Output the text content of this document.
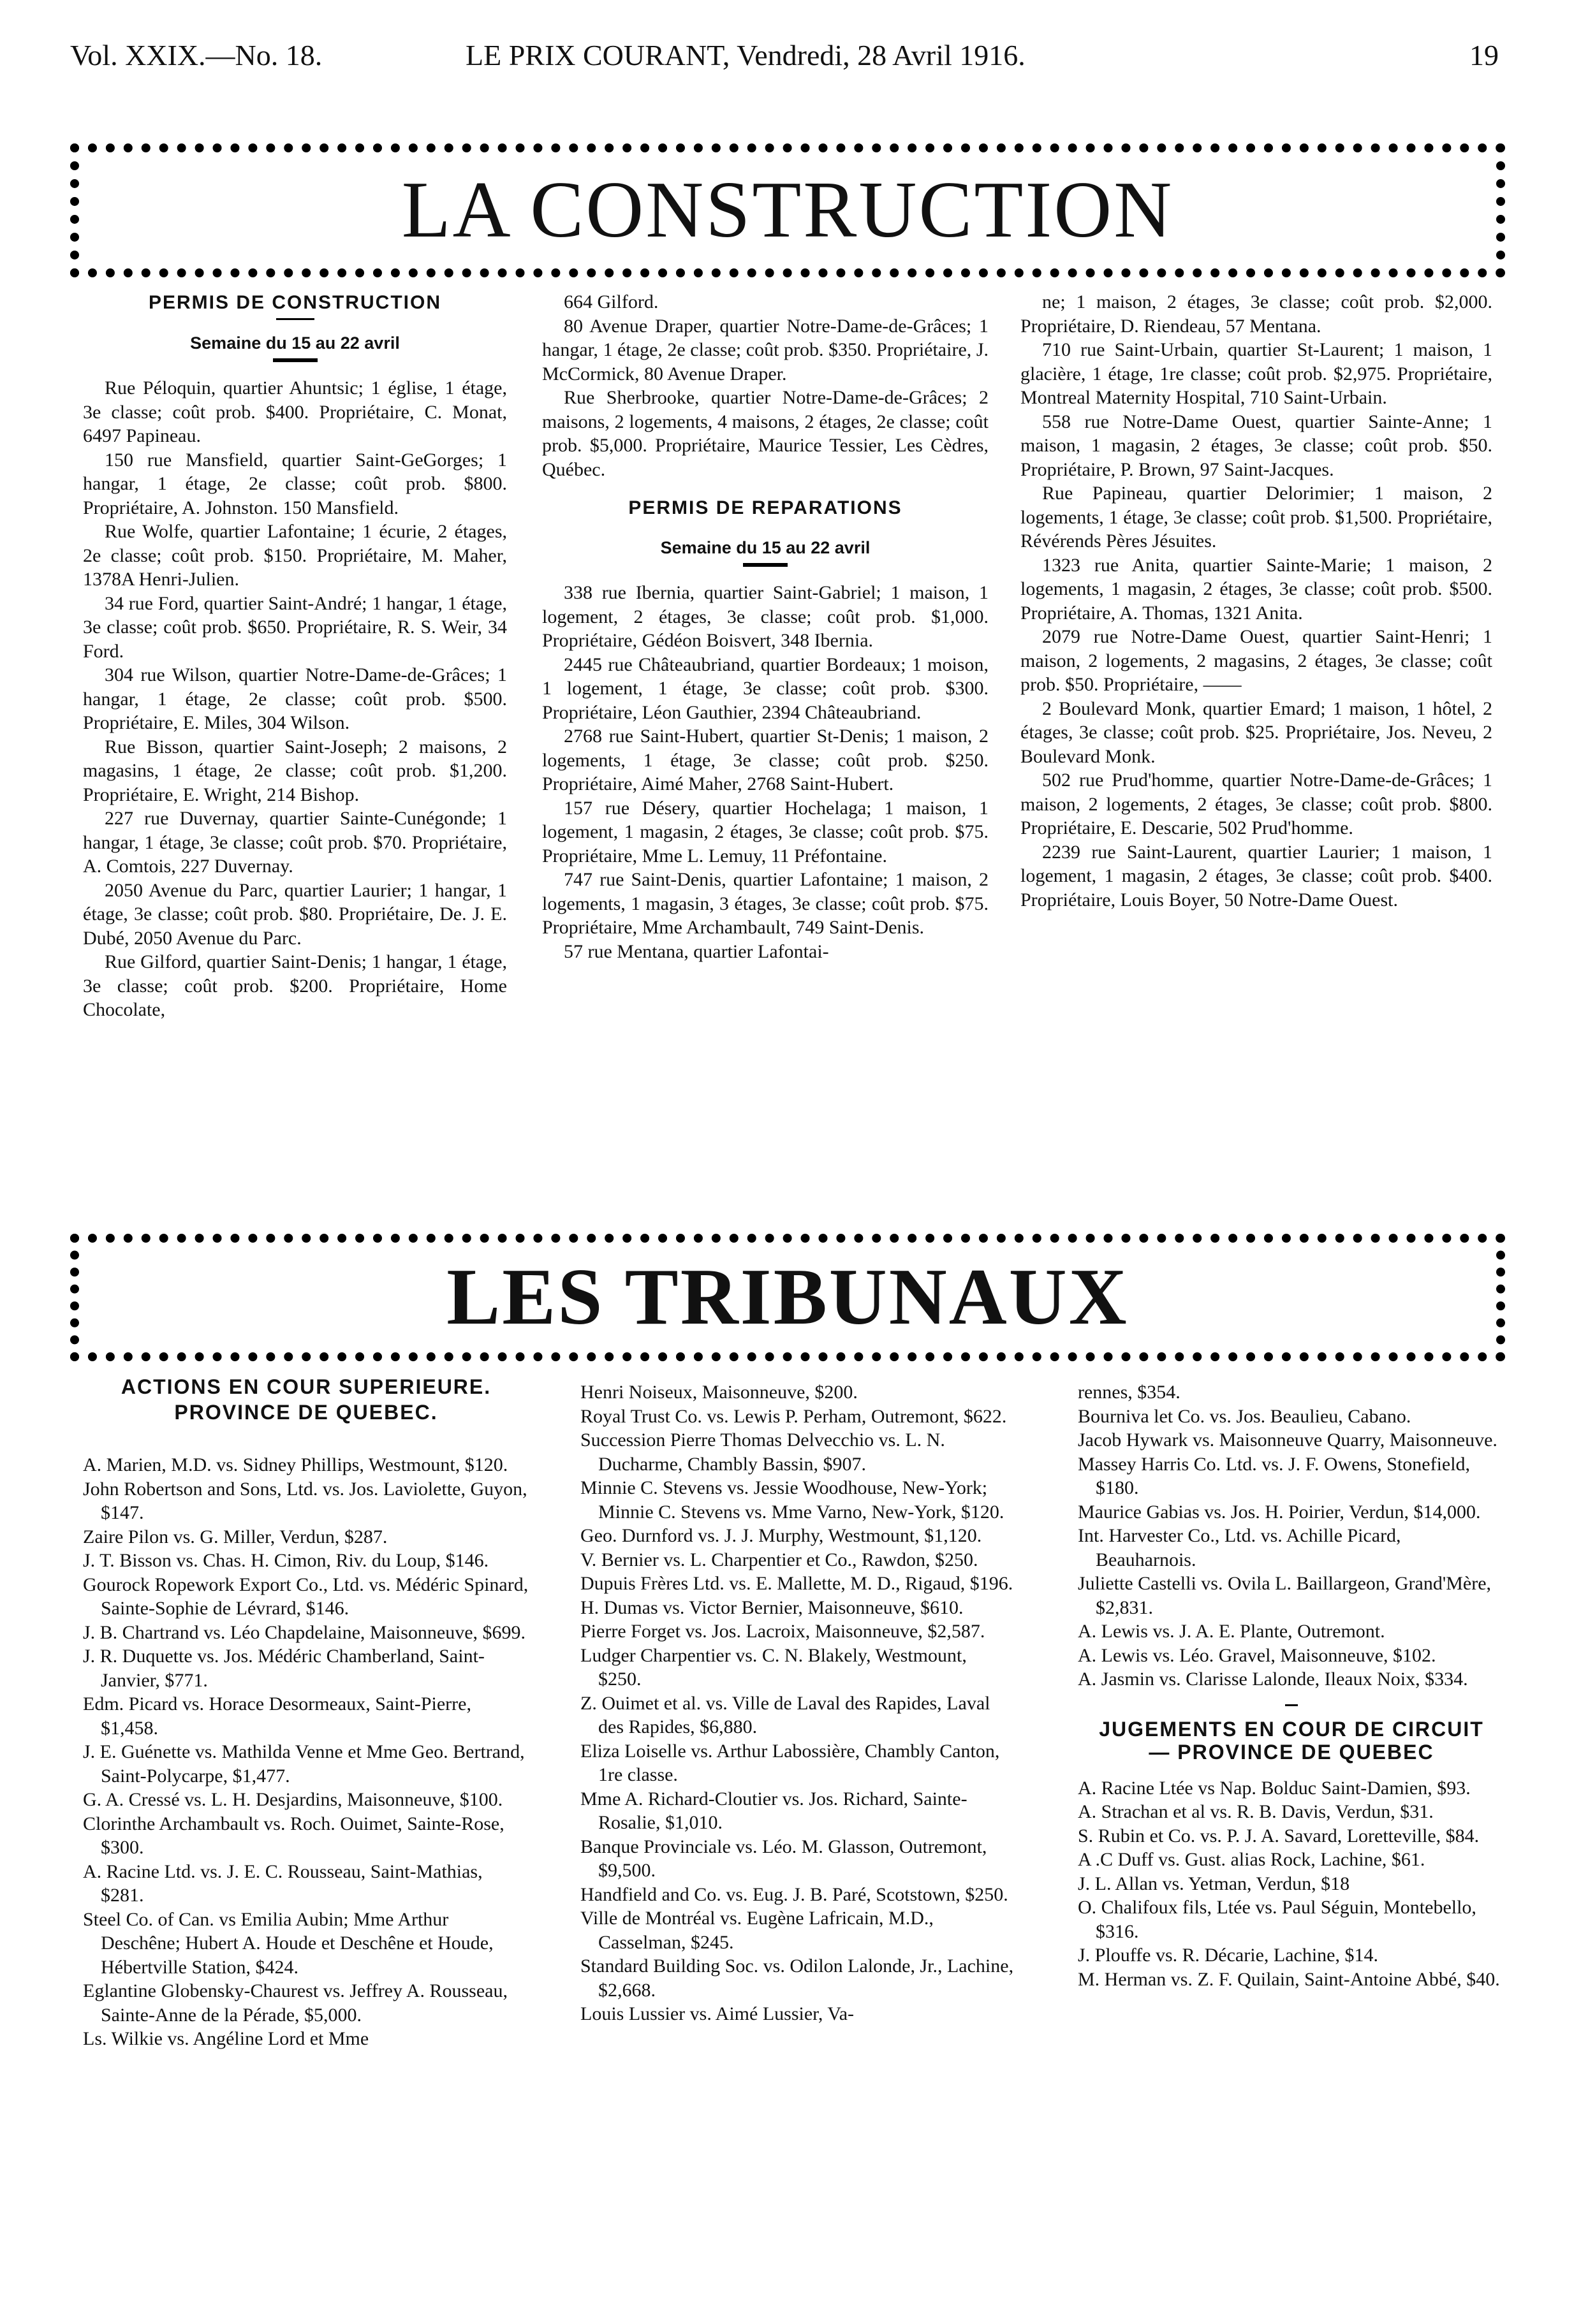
Vol. XXIX.—No. 18.	LE PRIX COURANT, Vendredi, 28 Avril 1916.	19
LA CONSTRUCTION
PERMIS DE CONSTRUCTION
Semaine du 15 au 22 avril

Rue Péloquin, quartier Ahuntsic; 1 église, 1 étage, 3e classe; coût prob. $400. Propriétaire, C. Monat, 6497 Papineau.

150 rue Mansfield, quartier Saint-GeGorges; 1 hangar, 1 étage, 2e classe; coût prob. $800. Propriétaire, A. Johnston. 150 Mansfield.

Rue Wolfe, quartier Lafontaine; 1 écurie, 2 étages, 2e classe; coût prob. $150. Propriétaire, M. Maher, 1378A Henri-Julien.

34 rue Ford, quartier Saint-André; 1 hangar, 1 étage, 3e classe; coût prob. $650. Propriétaire, R. S. Weir, 34 Ford.

304 rue Wilson, quartier Notre-Dame-de-Grâces; 1 hangar, 1 étage, 2e classe; coût prob. $500. Propriétaire, E. Miles, 304 Wilson.

Rue Bisson, quartier Saint-Joseph; 2 maisons, 2 magasins, 1 étage, 2e classe; coût prob. $1,200. Propriétaire, E. Wright, 214 Bishop.

227 rue Duvernay, quartier Sainte-Cunégonde; 1 hangar, 1 étage, 3e classe; coût prob. $70. Propriétaire, A. Comtois, 227 Duvernay.

2050 Avenue du Parc, quartier Laurier; 1 hangar, 1 étage, 3e classe; coût prob. $80. Propriétaire, De. J. E. Dubé, 2050 Avenue du Parc.

Rue Gilford, quartier Saint-Denis; 1 hangar, 1 étage, 3e classe; coût prob. $200. Propriétaire, Home Chocolate,

664 Gilford.

80 Avenue Draper, quartier Notre-Dame-de-Grâces; 1 hangar, 1 étage, 2e classe; coût prob. $350. Propriétaire, J. McCormick, 80 Avenue Draper.

Rue Sherbrooke, quartier Notre-Dame-de-Grâces; 2 maisons, 2 logements, 4 maisons, 2 étages, 2e classe; coût prob. $5,000. Propriétaire, Maurice Tessier, Les Cèdres, Québec.

PERMIS DE REPARATIONS
Semaine du 15 au 22 avril

338 rue Ibernia, quartier Saint-Gabriel; 1 maison, 1 logement, 2 étages, 3e classe; coût prob. $1,000. Propriétaire, Gédéon Boisvert, 348 Ibernia.

2445 rue Châteaubriand, quartier Bordeaux; 1 moison, 1 logement, 1 étage, 3e classe; coût prob. $300. Propriétaire, Léon Gauthier, 2394 Châteaubriand.

2768 rue Saint-Hubert, quartier St-Denis; 1 maison, 2 logements, 1 étage, 3e classe; coût prob. $250. Propriétaire, Aimé Maher, 2768 Saint-Hubert.

157 rue Désery, quartier Hochelaga; 1 maison, 1 logement, 1 magasin, 2 étages, 3e classe; coût prob. $75. Propriétaire, Mme L. Lemuy, 11 Préfontaine.

747 rue Saint-Denis, quartier Lafontaine; 1 maison, 2 logements, 1 magasin, 3 étages, 3e classe; coût prob. $75. Propriétaire, Mme Archambault, 749 Saint-Denis.

57 rue Mentana, quartier Lafontai-

ne; 1 maison, 2 étages, 3e classe; coût prob. $2,000. Propriétaire, D. Riendeau, 57 Mentana.

710 rue Saint-Urbain, quartier St-Laurent; 1 maison, 1 glacière, 1 étage, 1re classe; coût prob. $2,975. Propriétaire, Montreal Maternity Hospital, 710 Saint-Urbain.

558 rue Notre-Dame Ouest, quartier Sainte-Anne; 1 maison, 1 magasin, 2 étages, 3e classe; coût prob. $50. Propriétaire, P. Brown, 97 Saint-Jacques.

Rue Papineau, quartier Delorimier; 1 maison, 2 logements, 1 étage, 3e classe; coût prob. $1,500. Propriétaire, Révérends Pères Jésuites.

1323 rue Anita, quartier Sainte-Marie; 1 maison, 2 logements, 1 magasin, 2 étages, 3e classe; coût prob. $500. Propriétaire, A. Thomas, 1321 Anita.

2079 rue Notre-Dame Ouest, quartier Saint-Henri; 1 maison, 2 logements, 2 magasins, 2 étages, 3e classe; coût prob. $50. Propriétaire, ——

2 Boulevard Monk, quartier Emard; 1 maison, 1 hôtel, 2 étages, 3e classe; coût prob. $25. Propriétaire, Jos. Neveu, 2 Boulevard Monk.

502 rue Prud'homme, quartier Notre-Dame-de-Grâces; 1 maison, 2 logements, 2 étages, 3e classe; coût prob. $800. Propriétaire, E. Descarie, 502 Prud'homme.

2239 rue Saint-Laurent, quartier Laurier; 1 maison, 1 logement, 1 magasin, 2 étages, 3e classe; coût prob. $400. Propriétaire, Louis Boyer, 50 Notre-Dame Ouest.

LES TRIBUNAUX
ACTIONS EN COUR SUPERIEURE.
PROVINCE DE QUEBEC.

A. Marien, M.D. vs. Sidney Phillips, Westmount, $120.

John Robertson and Sons, Ltd. vs. Jos. Laviolette, Guyon, $147.

Zaire Pilon vs. G. Miller, Verdun, $287.

J. T. Bisson vs. Chas. H. Cimon, Riv. du Loup, $146.

Gourock Ropework Export Co., Ltd. vs. Médéric Spinard, Sainte-Sophie de Lévrard, $146.

J. B. Chartrand vs. Léo Chapdelaine, Maisonneuve, $699.

J. R. Duquette vs. Jos. Médéric Chamberland, Saint-Janvier, $771.

Edm. Picard vs. Horace Desormeaux, Saint-Pierre, $1,458.

J. E. Guénette vs. Mathilda Venne et Mme Geo. Bertrand, Saint-Polycarpe, $1,477.

G. A. Cressé vs. L. H. Desjardins, Maisonneuve, $100.

Clorinthe Archambault vs. Roch. Ouimet, Sainte-Rose, $300.

A. Racine Ltd. vs. J. E. C. Rousseau, Saint-Mathias, $281.

Steel Co. of Can. vs Emilia Aubin; Mme Arthur Deschêne; Hubert A. Houde et Deschêne et Houde, Hébertville Station, $424.

Eglantine Globensky-Chaurest vs. Jeffrey A. Rousseau, Sainte-Anne de la Pérade, $5,000.

Ls. Wilkie vs. Angéline Lord et Mme

Henri Noiseux, Maisonneuve, $200.

Royal Trust Co. vs. Lewis P. Perham, Outremont, $622.

Succession Pierre Thomas Delvecchio vs. L. N. Ducharme, Chambly Bassin, $907.

Minnie C. Stevens vs. Jessie Woodhouse, New-York; Minnie C. Stevens vs. Mme Varno, New-York, $120.

Geo. Durnford vs. J. J. Murphy, Westmount, $1,120.

V. Bernier vs. L. Charpentier et Co., Rawdon, $250.

Dupuis Frères Ltd. vs. E. Mallette, M. D., Rigaud, $196.

H. Dumas vs. Victor Bernier, Maisonneuve, $610.

Pierre Forget vs. Jos. Lacroix, Maisonneuve, $2,587.

Ludger Charpentier vs. C. N. Blakely, Westmount, $250.

Z. Ouimet et al. vs. Ville de Laval des Rapides, Laval des Rapides, $6,880.

Eliza Loiselle vs. Arthur Labossière, Chambly Canton, 1re classe.

Mme A. Richard-Cloutier vs. Jos. Richard, Sainte-Rosalie, $1,010.

Banque Provinciale vs. Léo. M. Glasson, Outremont, $9,500.

Handfield and Co. vs. Eug. J. B. Paré, Scotstown, $250.

Ville de Montréal vs. Eugène Lafricain, M.D., Casselman, $245.

Standard Building Soc. vs. Odilon Lalonde, Jr., Lachine, $2,668.

Louis Lussier vs. Aimé Lussier, Va-

rennes, $354.

Bourniva let Co. vs. Jos. Beaulieu, Cabano.

Jacob Hywark vs. Maisonneuve Quarry, Maisonneuve.

Massey Harris Co. Ltd. vs. J. F. Owens, Stonefield, $180.

Maurice Gabias vs. Jos. H. Poirier, Verdun, $14,000.

Int. Harvester Co., Ltd. vs. Achille Picard, Beauharnois.

Juliette Castelli vs. Ovila L. Baillargeon, Grand'Mère, $2,831.

A. Lewis vs. J. A. E. Plante, Outremont.

A. Lewis vs. Léo. Gravel, Maisonneuve, $102.

A. Jasmin vs. Clarisse Lalonde, Ileaux Noix, $334.

JUGEMENTS EN COUR DE CIRCUIT — PROVINCE DE QUEBEC

A. Racine Ltée vs Nap. Bolduc Saint-Damien, $93.

A. Strachan et al vs. R. B. Davis, Verdun, $31.

S. Rubin et Co. vs. P. J. A. Savard, Loretteville, $84.

A .C Duff vs. Gust. alias Rock, Lachine, $61.

J. L. Allan vs. Yetman, Verdun, $18

O. Chalifoux fils, Ltée vs. Paul Séguin, Montebello, $316.

J. Plouffe vs. R. Décarie, Lachine, $14.

M. Herman vs. Z. F. Quilain, Saint-Antoine Abbé, $40.
